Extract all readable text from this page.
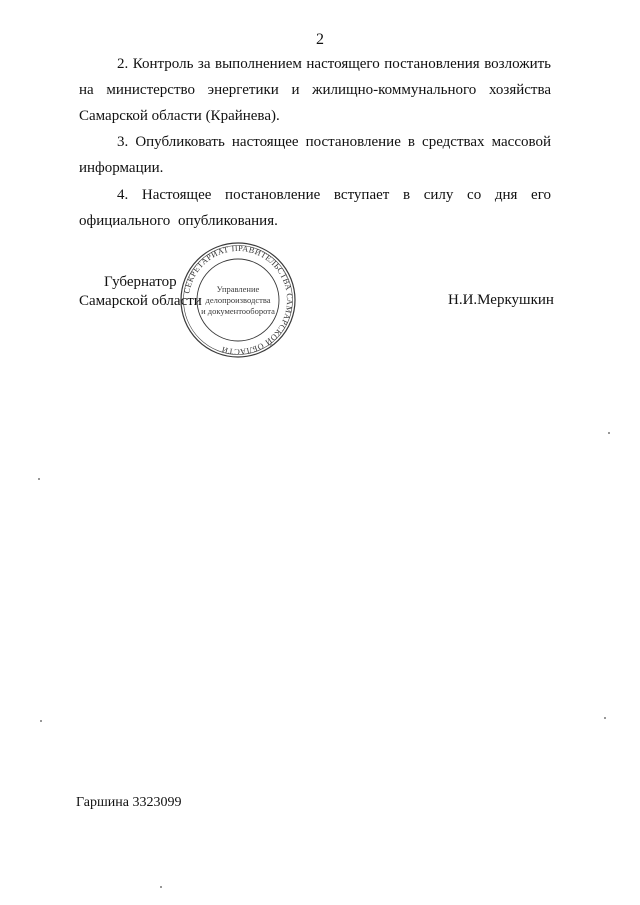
2

2. Контроль за выполнением настоящего постановления возложить на министерство энергетики и жилищно-коммунального хозяйства Самарской области (Крайнева).

3. Опубликовать настоящее постановление в средствах массовой информации.

4. Настоящее постановление вступает в силу со дня его официального опубликования.

Губернатор
Самарской области	Н.И.Меркушкин
СЕКРЕТАРИАТ ПРАВИТЕЛЬСТВА САМАРСКОЙ ОБЛАСТИ
Управление
делопроизводства
и документооборота
Гаршина 3323099
